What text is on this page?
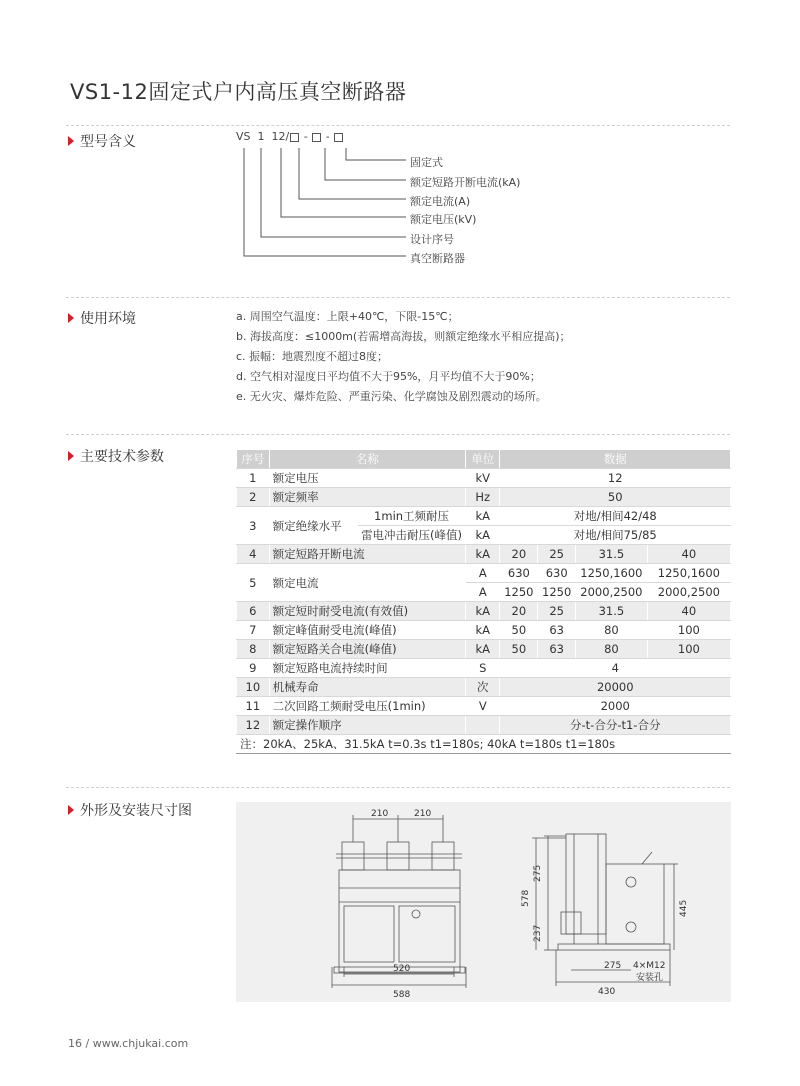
VS1-12固定式户内高压真空断路器
型号含义	VS 1 12/ - -
固定式
额定短路开断电流(kA)
额定电流(A)
额定电压(kV)
设计序号
真空断路器
使用环境	a. 周围空气温度：上限+40℃，下限-15℃；
b. 海拔高度：≤1000m(若需增高海拔，则额定绝缘水平相应提高)；
c. 振幅：地震烈度不超过8度；
d. 空气相对湿度日平均值不大于95%，月平均值不大于90%；
e. 无火灾、爆炸危险、严重污染、化学腐蚀及剧烈震动的场所。
主要技术参数	序号	名称		单位	数据			
1	额定电压		kV	12			
2	额定频率		Hz	50			
3	额定绝缘水平	1min工频耐压	kA	对地/相间42/48			
		雷电冲击耐压(峰值)	kA	对地/相间75/85			
4	额定短路开断电流		kA	20	25	31.5	40
5	额定电流		A	630	630	1250,1600	1250,1600
			A	1250	1250	2000,2500	2000,2500
6	额定短时耐受电流(有效值)		kA	20	25	31.5	40
7	额定峰值耐受电流(峰值)		kA	50	63	80	100
8	额定短路关合电流(峰值)		kA	50	63	80	100
9	额定短路电流持续时间		S	4			
10	机械寿命		次	20000			
11	二次回路工频耐受电压(1min)		V	2000			
12	额定操作顺序			分-t-合分-t1-合分			
注：20kA、25kA、31.5kA t=0.3s t1=180s; 40kA t=180s t1=180s							
外形及安装尺寸图	210	210
520
588
275
578
237
445
275
430
4×M12
安装孔
16 / www.chjukai.com
